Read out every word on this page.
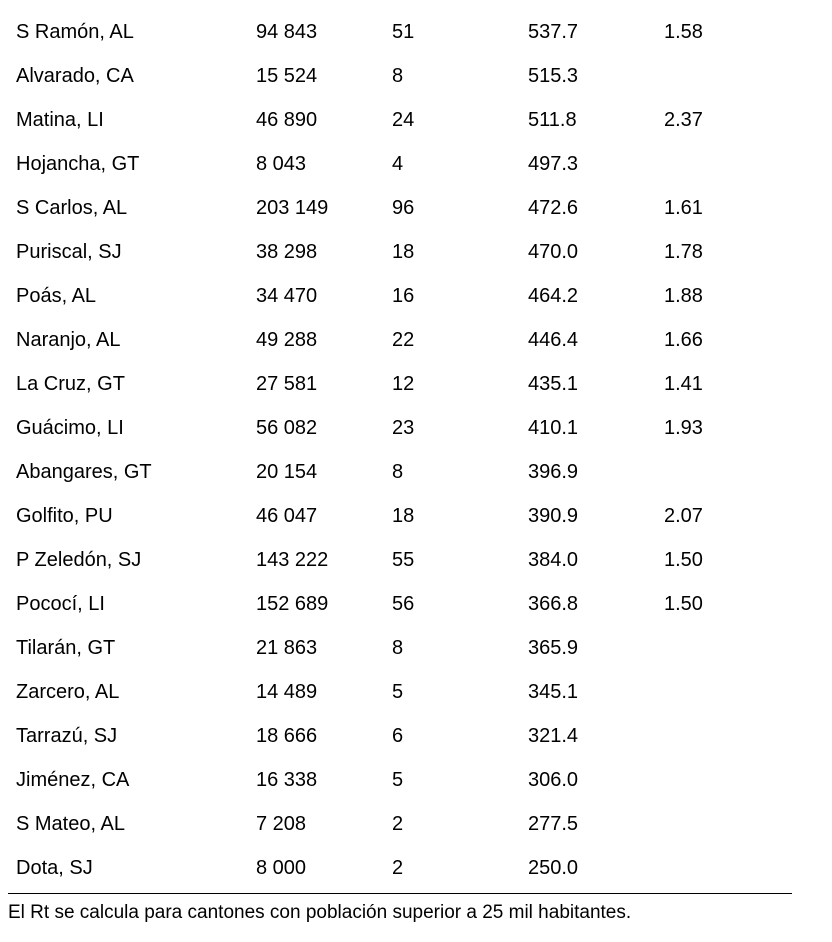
S Ramón, AL	94 843	51	537.7	1.58
Alvarado, CA	15 524	8	515.3
Matina, LI	46 890	24	511.8	2.37
Hojancha, GT	8 043	4	497.3
S Carlos, AL	203 149	96	472.6	1.61
Puriscal, SJ	38 298	18	470.0	1.78
Poás, AL	34 470	16	464.2	1.88
Naranjo, AL	49 288	22	446.4	1.66
La Cruz, GT	27 581	12	435.1	1.41
Guácimo, LI	56 082	23	410.1	1.93
Abangares, GT	20 154	8	396.9
Golfito, PU	46 047	18	390.9	2.07
P Zeledón, SJ	143 222	55	384.0	1.50
Pococí, LI	152 689	56	366.8	1.50
Tilarán, GT	21 863	8	365.9
Zarcero, AL	14 489	5	345.1
Tarrazú, SJ	18 666	6	321.4
Jiménez, CA	16 338	5	306.0
S Mateo, AL	7 208	2	277.5
Dota, SJ	8 000	2	250.0
El Rt se calcula para cantones con población superior a 25 mil habitantes.
